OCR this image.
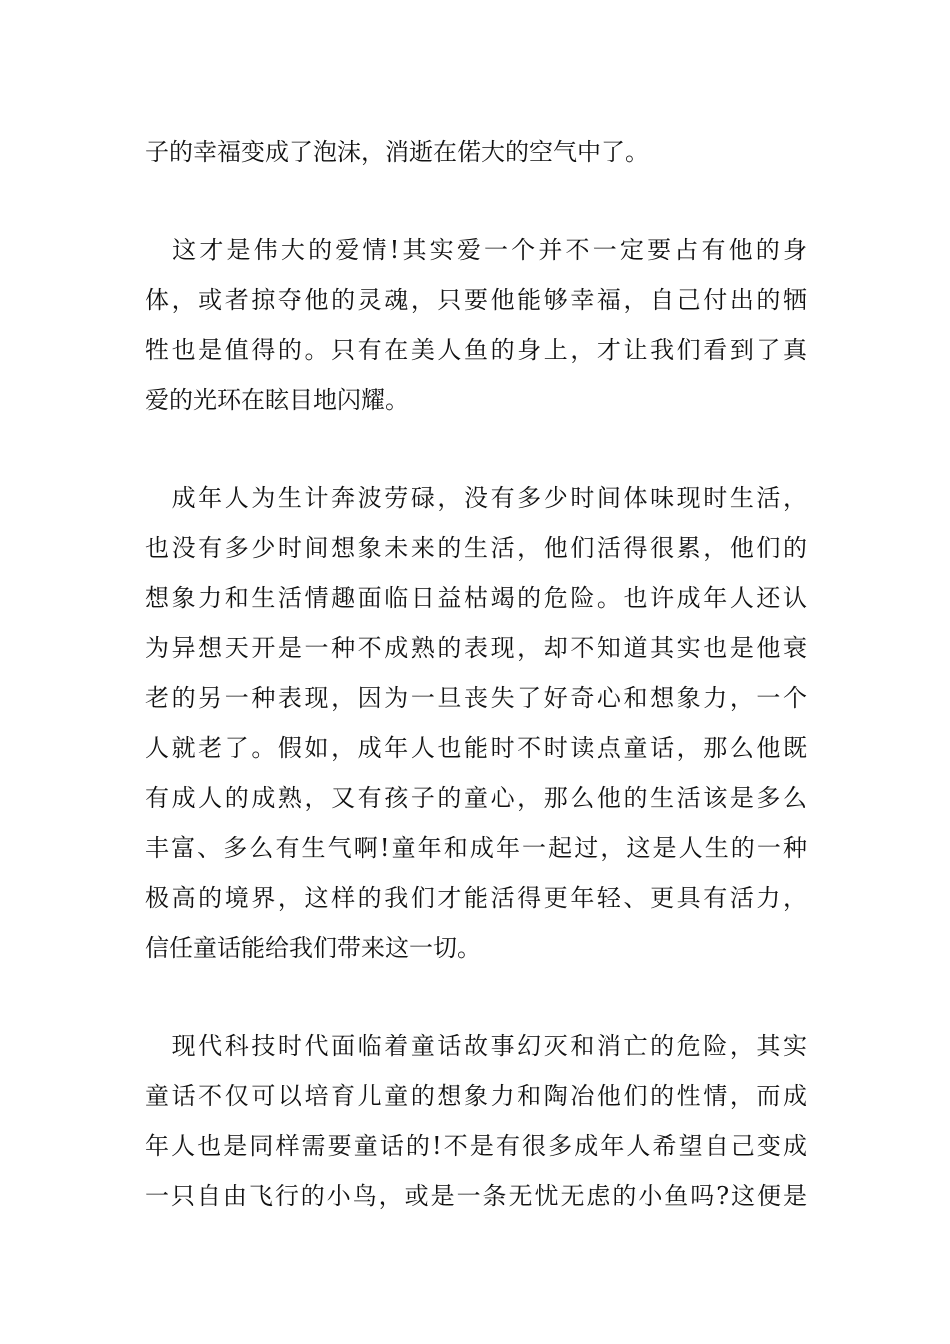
子的幸福变成了泡沫，消逝在偌大的空气中了。
　这才是伟大的爱情!其实爱一个并不一定要占有他的身
体，或者掠夺他的灵魂，只要他能够幸福，自己付出的牺
牲也是值得的。只有在美人鱼的身上，才让我们看到了真
爱的光环在眩目地闪耀。
　成年人为生计奔波劳碌，没有多少时间体味现时生活，
也没有多少时间想象未来的生活，他们活得很累，他们的
想象力和生活情趣面临日益枯竭的危险。也许成年人还认
为异想天开是一种不成熟的表现，却不知道其实也是他衰
老的另一种表现，因为一旦丧失了好奇心和想象力，一个
人就老了。假如，成年人也能时不时读点童话，那么他既
有成人的成熟，又有孩子的童心，那么他的生活该是多么
丰富、多么有生气啊!童年和成年一起过，这是人生的一种
极高的境界，这样的我们才能活得更年轻、更具有活力，
信任童话能给我们带来这一切。
　现代科技时代面临着童话故事幻灭和消亡的危险，其实
童话不仅可以培育儿童的想象力和陶冶他们的性情，而成
年人也是同样需要童话的!不是有很多成年人希望自己变成
一只自由飞行的小鸟，或是一条无忧无虑的小鱼吗?这便是
